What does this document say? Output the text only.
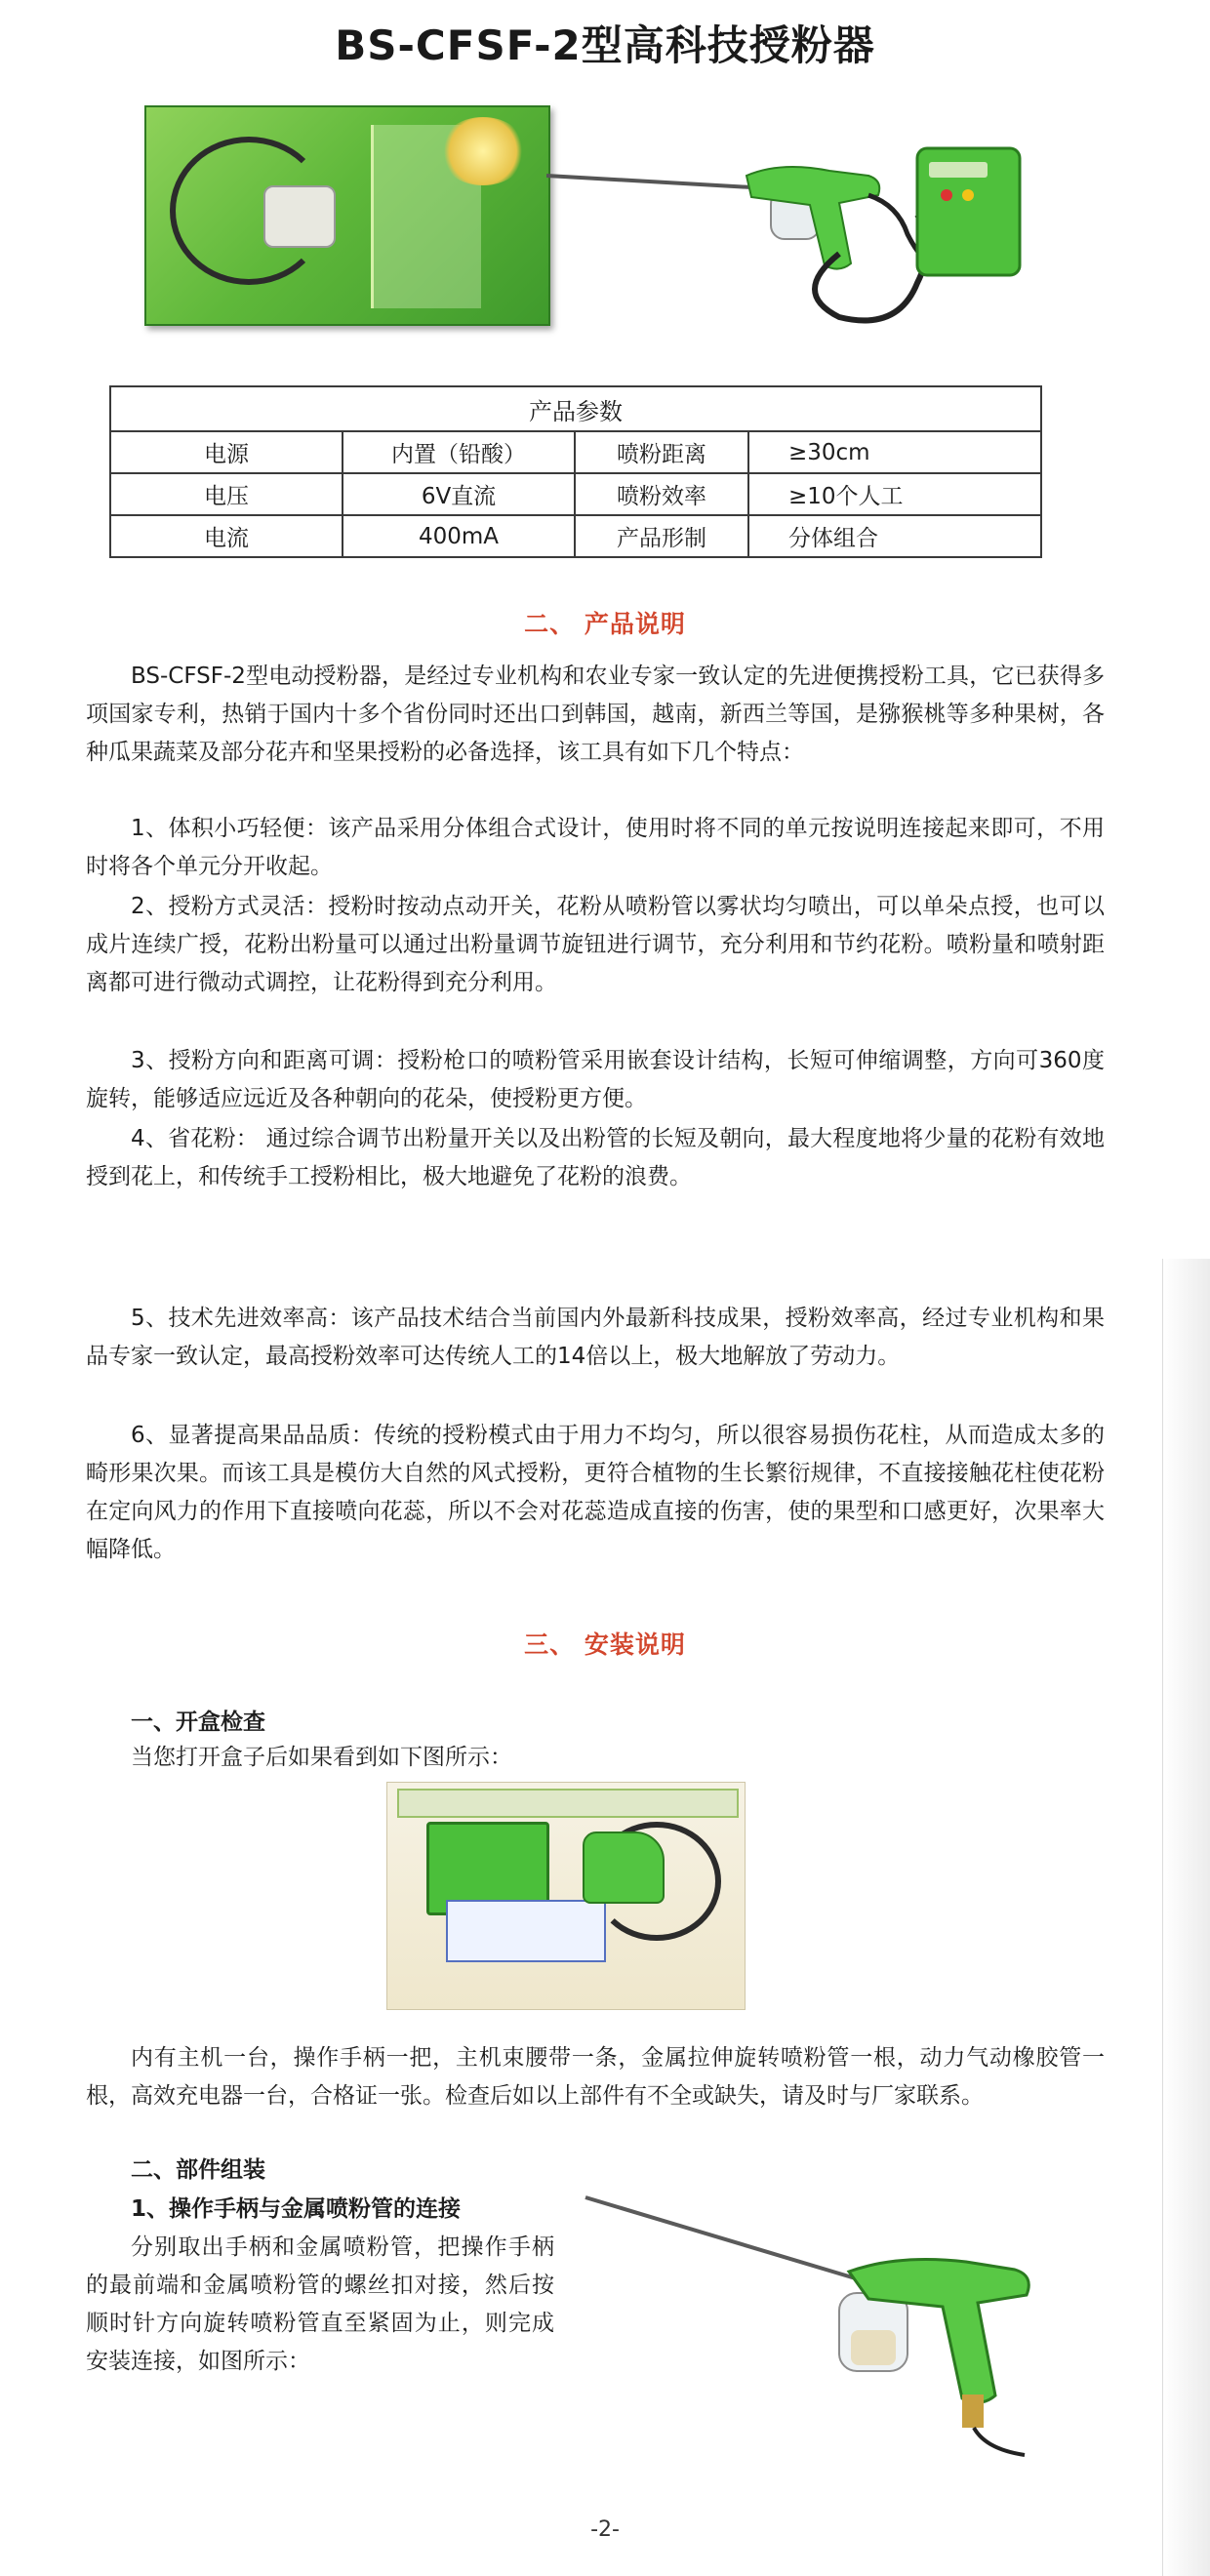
BS-CFSF-2型高科技授粉器
产品参数			
电源	内置（铅酸）	喷粉距离	≥30cm
电压	6V直流	喷粉效率	≥10个人工
电流	400mA	产品形制	分体组合
二、 产品说明

BS-CFSF-2型电动授粉器，是经过专业机构和农业专家一致认定的先进便携授粉工具，它已获得多项国家专利，热销于国内十多个省份同时还出口到韩国，越南，新西兰等国，是猕猴桃等多种果树，各种瓜果蔬菜及部分花卉和坚果授粉的必备选择，该工具有如下几个特点：

1、体积小巧轻便：该产品采用分体组合式设计，使用时将不同的单元按说明连接起来即可，不用时将各个单元分开收起。

2、授粉方式灵活：授粉时按动点动开关，花粉从喷粉管以雾状均匀喷出，可以单朵点授，也可以成片连续广授，花粉出粉量可以通过出粉量调节旋钮进行调节，充分利用和节约花粉。喷粉量和喷射距离都可进行微动式调控，让花粉得到充分利用。

3、授粉方向和距离可调：授粉枪口的喷粉管采用嵌套设计结构，长短可伸缩调整，方向可360度旋转，能够适应远近及各种朝向的花朵，使授粉更方便。

4、省花粉： 通过综合调节出粉量开关以及出粉管的长短及朝向，最大程度地将少量的花粉有效地授到花上，和传统手工授粉相比，极大地避免了花粉的浪费。

5、技术先进效率高：该产品技术结合当前国内外最新科技成果，授粉效率高，经过专业机构和果品专家一致认定，最高授粉效率可达传统人工的14倍以上，极大地解放了劳动力。

6、显著提高果品品质：传统的授粉模式由于用力不均匀，所以很容易损伤花柱，从而造成太多的畸形果次果。而该工具是模仿大自然的风式授粉，更符合植物的生长繁衍规律，不直接接触花柱使花粉在定向风力的作用下直接喷向花蕊，所以不会对花蕊造成直接的伤害，使的果型和口感更好，次果率大幅降低。

三、 安装说明
一、开盒检查

当您打开盒子后如果看到如下图所示：

内有主机一台，操作手柄一把，主机束腰带一条，金属拉伸旋转喷粉管一根，动力气动橡胶管一根，高效充电器一台，合格证一张。检查后如以上部件有不全或缺失，请及时与厂家联系。

二、部件组装
1、操作手柄与金属喷粉管的连接

分别取出手柄和金属喷粉管，把操作手柄的最前端和金属喷粉管的螺丝扣对接，然后按顺时针方向旋转喷粉管直至紧固为止，则完成安装连接，如图所示：

-2-
